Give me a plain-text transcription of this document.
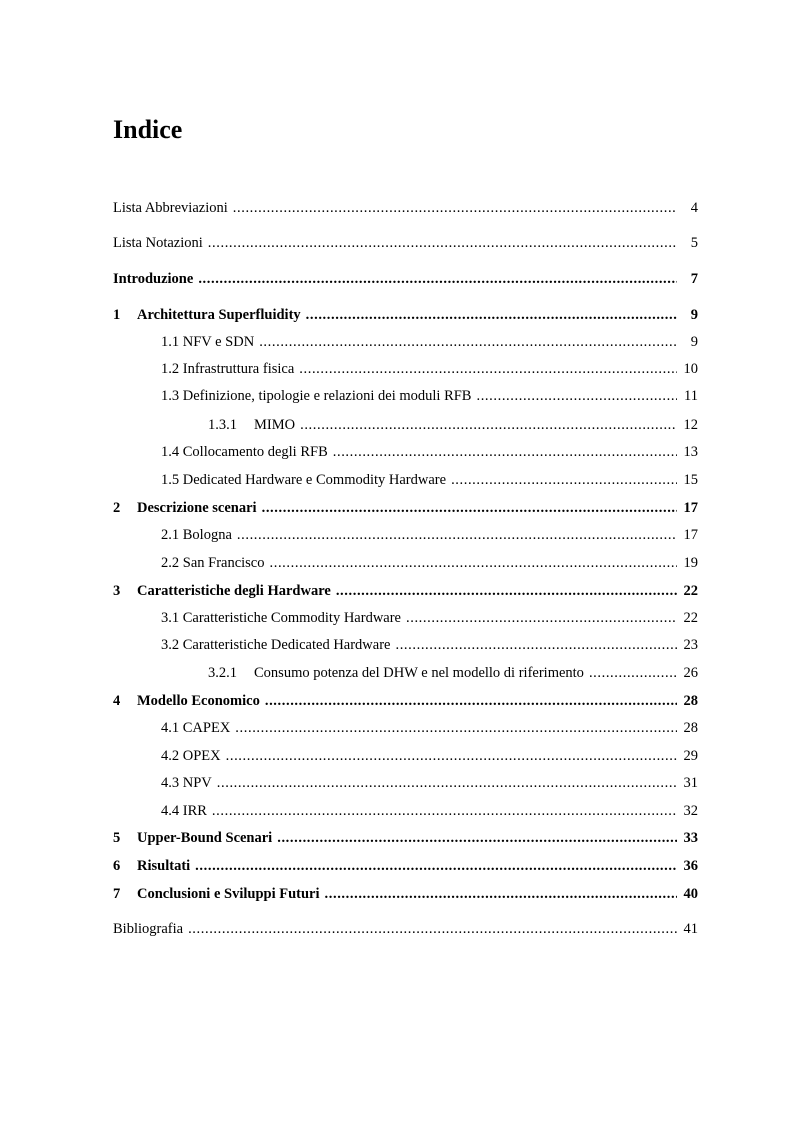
Indice
Lista Abbreviazioni .....	4
Lista Notazioni .....	5
Introduzione .....	7
1	Architettura Superfluidity .....	9
1.1 NFV e SDN .....	9
1.2 Infrastruttura fisica .....	10
1.3 Definizione, tipologie e relazioni dei moduli RFB .....	11
1.3.1	MIMO .....	12
1.4 Collocamento degli RFB .....	13
1.5 Dedicated Hardware e Commodity Hardware .....	15
2	Descrizione scenari .....	17
2.1 Bologna .....	17
2.2 San Francisco .....	19
3	Caratteristiche degli Hardware .....	22
3.1 Caratteristiche Commodity Hardware .....	22
3.2 Caratteristiche Dedicated Hardware .....	23
3.2.1	Consumo potenza del DHW e nel modello di riferimento .....	26
4	Modello Economico .....	28
4.1 CAPEX .....	28
4.2 OPEX .....	29
4.3 NPV .....	31
4.4 IRR .....	32
5	Upper-Bound Scenari .....	33
6	Risultati .....	36
7	Conclusioni e Sviluppi Futuri .....	40
Bibliografia .....	41
